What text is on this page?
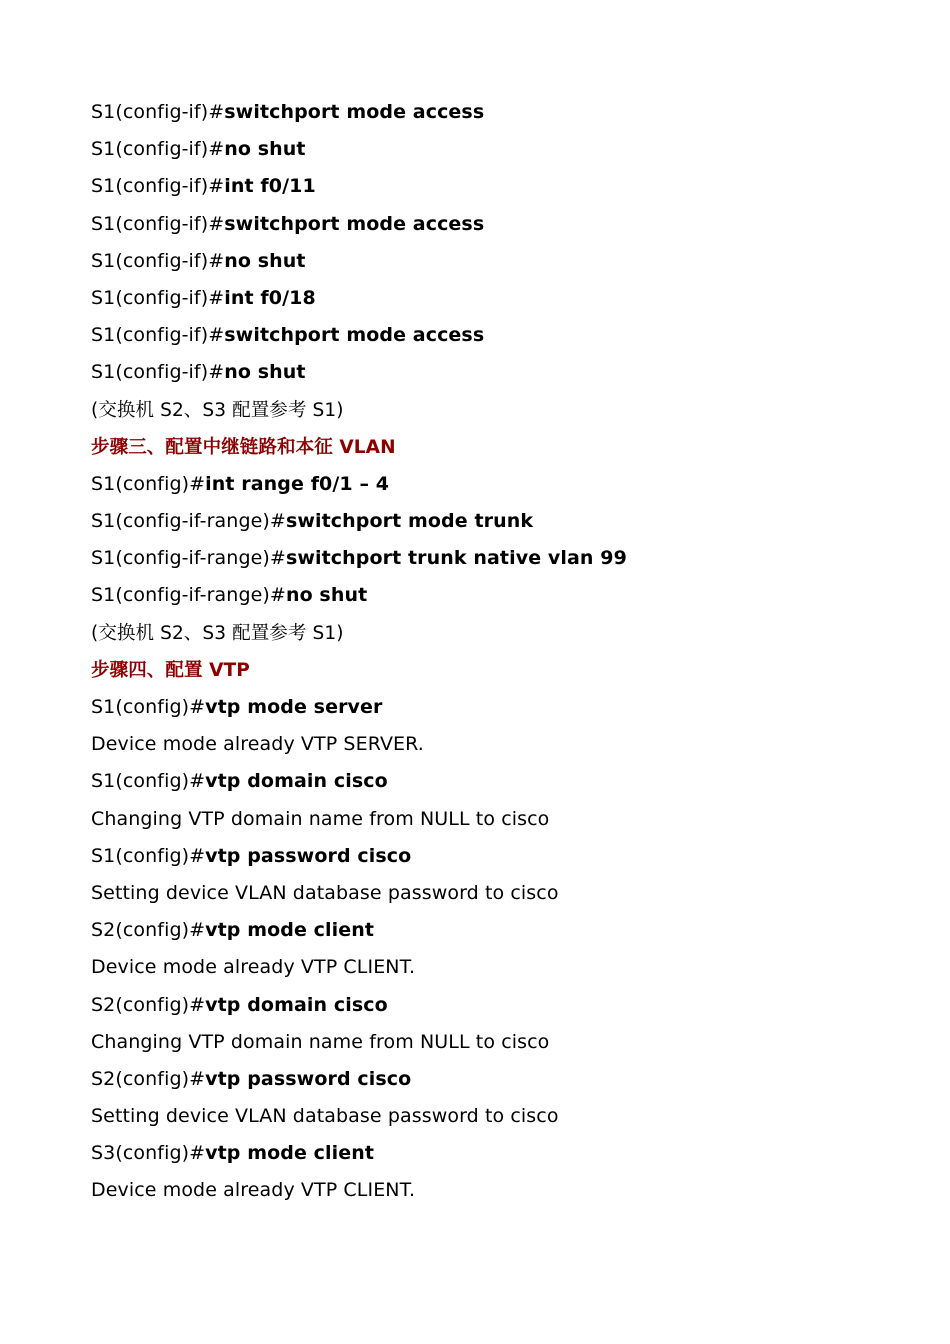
S1(config-if)#switchport mode access
S1(config-if)#no shut
S1(config-if)#int f0/11
S1(config-if)#switchport mode access
S1(config-if)#no shut
S1(config-if)#int f0/18
S1(config-if)#switchport mode access
S1(config-if)#no shut
(交换机 S2、S3 配置参考 S1)
步骤三、配置中继链路和本征 VLAN
S1(config)#int range f0/1 – 4
S1(config-if-range)#switchport mode trunk
S1(config-if-range)#switchport trunk native vlan 99
S1(config-if-range)#no shut
(交换机 S2、S3 配置参考 S1)
步骤四、配置 VTP
S1(config)#vtp mode server
Device mode already VTP SERVER.
S1(config)#vtp domain cisco
Changing VTP domain name from NULL to cisco
S1(config)#vtp password cisco
Setting device VLAN database password to cisco
S2(config)#vtp mode client
Device mode already VTP CLIENT.
S2(config)#vtp domain cisco
Changing VTP domain name from NULL to cisco
S2(config)#vtp password cisco
Setting device VLAN database password to cisco
S3(config)#vtp mode client
Device mode already VTP CLIENT.
